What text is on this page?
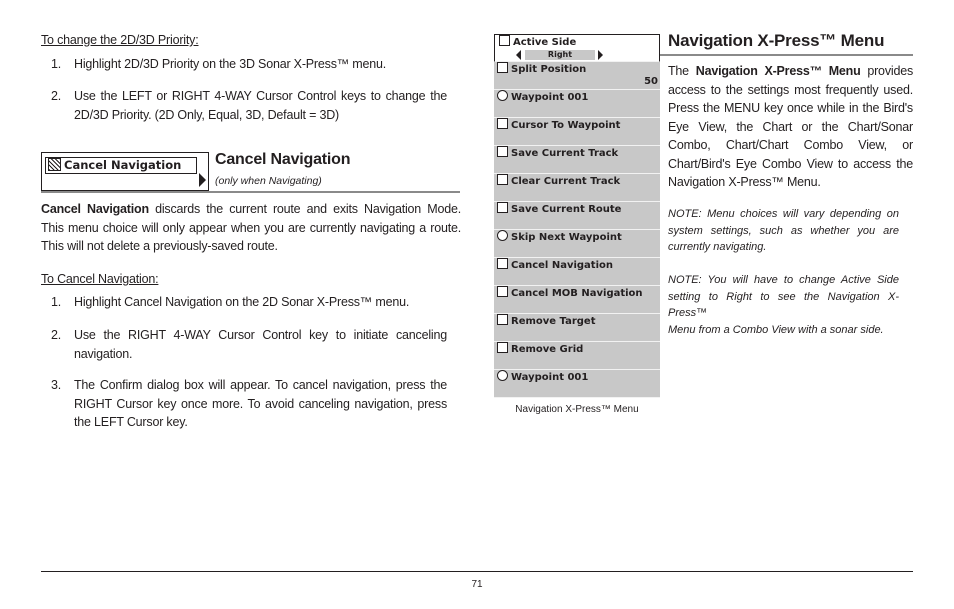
To change the 2D/3D Priority:
1. Highlight 2D/3D Priority on the 3D Sonar X-Press™ menu.
2. Use the LEFT or RIGHT 4-WAY Cursor Control keys to change the
2D/3D Priority. (2D Only, Equal, 3D, Default = 3D)
Cancel Navigation	Cancel Navigation
(only when Navigating)
Cancel Navigation discards the current route and exits Navigation Mode.
This menu choice will only appear when you are currently navigating a route.
This will not delete a previously-saved route.
To Cancel Navigation:
1. Highlight Cancel Navigation on the 2D Sonar X-Press™ menu.
2. Use the RIGHT 4-WAY Cursor Control key to initiate canceling
navigation.
3. The Confirm dialog box will appear. To cancel navigation, press the
RIGHT Cursor key once more. To avoid canceling navigation, press
the LEFT Cursor key.
Active Side
Right
Split Position
50
Waypoint 001
Cursor To Waypoint
Save Current Track
Clear Current Track
Save Current Route
Skip Next Waypoint
Cancel Navigation
Cancel MOB Navigation
Remove Target
Remove Grid
Waypoint 001
Navigation X-Press™ Menu
Navigation X-Press™ Menu
The Navigation X-Press™ Menu provides
access to the settings most frequently used.
Press the MENU key once while in the Bird's
Eye View, the Chart or the Chart/Sonar
Combo, Chart/Chart Combo View, or
Chart/Bird's Eye Combo View to access the
Navigation X-Press™ Menu.
NOTE: Menu choices will vary depending on
system settings, such as whether you are
currently navigating.
NOTE: You will have to change Active Side
setting to Right to see the Navigation X-Press™
Menu from a Combo View with a sonar side.
71
